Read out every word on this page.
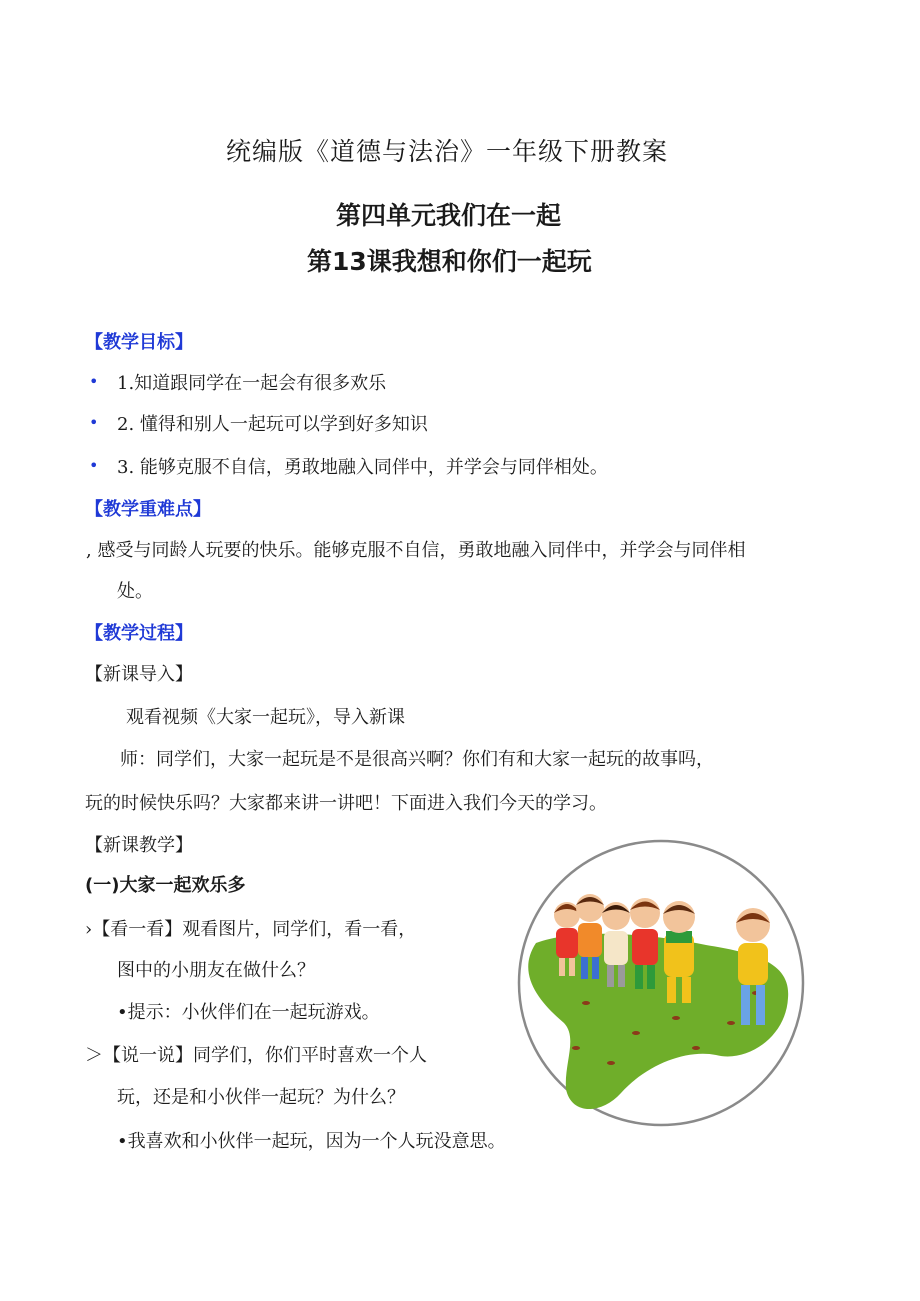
统编版《道德与法治》一年级下册教案
第四单元我们在一起
第13课我想和你们一起玩
【教学目标】
• 1.知道跟同学在一起会有很多欢乐
• 2. 懂得和别人一起玩可以学到好多知识
• 3. 能够克服不自信，勇敢地融入同伴中，并学会与同伴相处。
【教学重难点】
, 感受与同龄人玩要的快乐。能够克服不自信，勇敢地融入同伴中，并学会与同伴相
处。
【教学过程】
【新课导入】
观看视频《大家一起玩》，导入新课
师：同学们，大家一起玩是不是很高兴啊？你们有和大家一起玩的故事吗，
玩的时候快乐吗？大家都来讲一讲吧！下面进入我们今天的学习。
【新课教学】
(一)大家一起欢乐多
›【看一看】观看图片，同学们，看一看，
图中的小朋友在做什么？
•提示：小伙伴们在一起玩游戏。
＞【说一说】同学们，你们平时喜欢一个人
玩，还是和小伙伴一起玩？为什么？
•我喜欢和小伙伴一起玩，因为一个人玩没意思。
